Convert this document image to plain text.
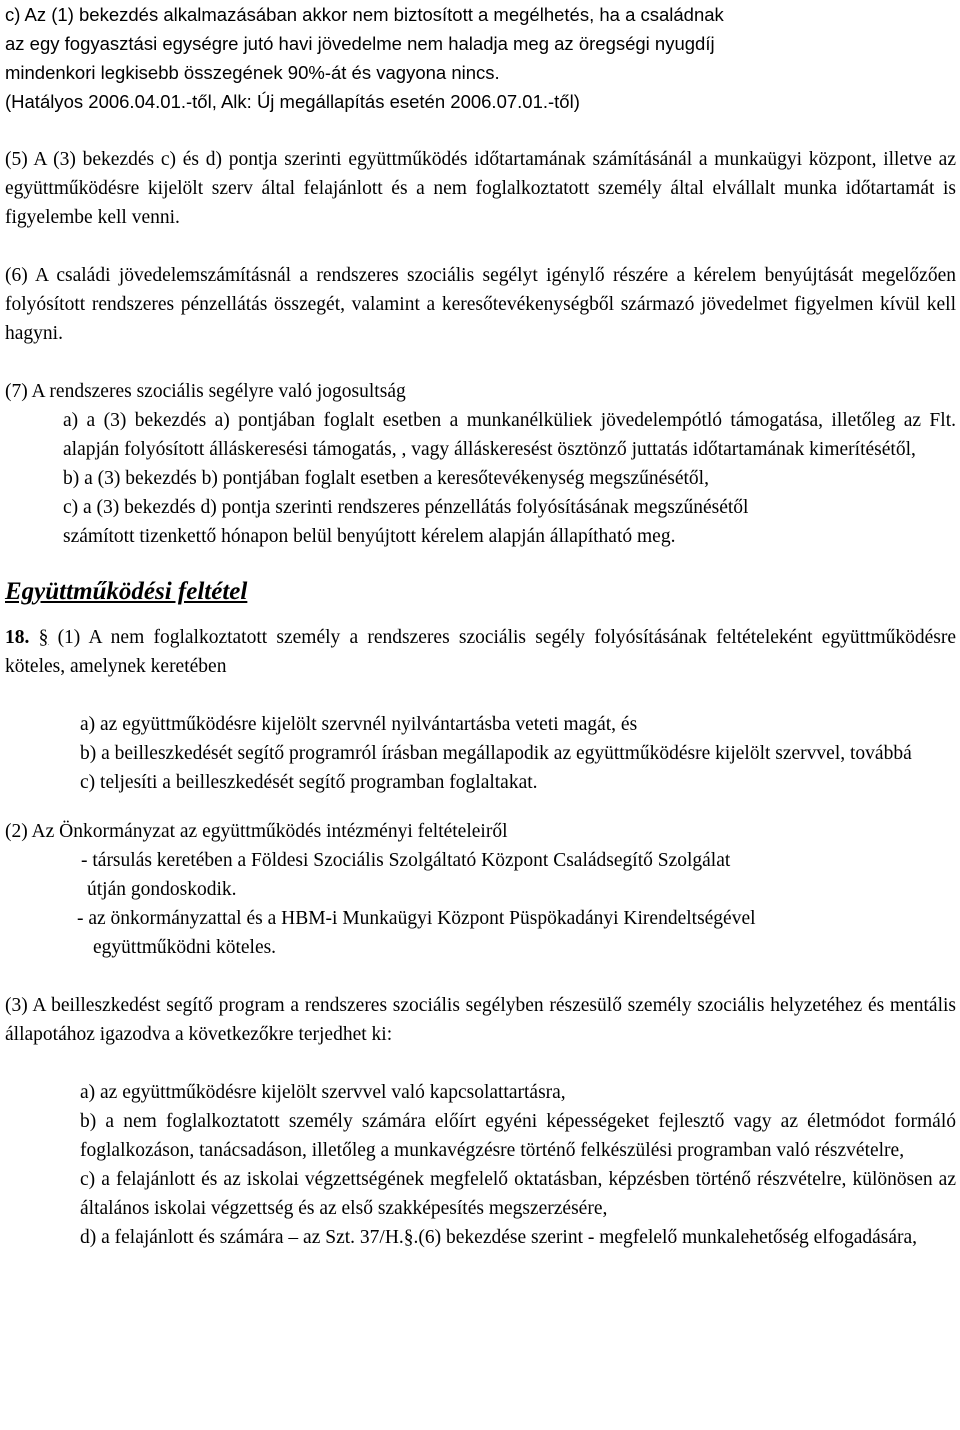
c) Az (1) bekezdés alkalmazásában akkor nem biztosított a megélhetés, ha a családnak

az egy fogyasztási egységre jutó havi jövedelme nem haladja meg az öregségi nyugdíj

mindenkori legkisebb összegének 90%-át és vagyona nincs.

(Hatályos 2006.04.01.-től, Alk: Új megállapítás esetén 2006.07.01.-től)

(5) A (3) bekezdés c) és d) pontja szerinti együttműködés időtartamának számításánál a munkaügyi központ, illetve az együttműködésre kijelölt szerv által felajánlott és a nem foglalkoztatott személy által elvállalt munka időtartamát is figyelembe kell venni.

(6) A családi jövedelemszámításnál a rendszeres szociális segélyt igénylő részére a kérelem benyújtását megelőzően folyósított rendszeres pénzellátás összegét, valamint a keresőtevékenységből származó jövedelmet figyelmen kívül kell hagyni.

(7) A rendszeres szociális segélyre való jogosultság

a) a (3) bekezdés a) pontjában foglalt esetben a munkanélküliek jövedelempótló támogatása, illetőleg az Flt. alapján folyósított álláskeresési támogatás, , vagy álláskeresést ösztönző juttatás időtartamának kimerítésétől,

b) a (3) bekezdés b) pontjában foglalt esetben a keresőtevékenység megszűnésétől,

c) a (3) bekezdés d) pontja szerinti rendszeres pénzellátás folyósításának megszűnésétől

számított tizenkettő hónapon belül benyújtott kérelem alapján állapítható meg.

Együttműködési feltétel

18. § (1) A nem foglalkoztatott személy a rendszeres szociális segély folyósításának feltételeként együttműködésre köteles, amelynek keretében

a) az együttműködésre kijelölt szervnél nyilvántartásba veteti magát, és

b) a beilleszkedését segítő programról írásban megállapodik az együttműködésre kijelölt szervvel, továbbá

c) teljesíti a beilleszkedését segítő programban foglaltakat.

(2) Az Önkormányzat az együttműködés intézményi feltételeiről

- társulás keretében a Földesi Szociális Szolgáltató Központ Családsegítő Szolgálat

útján gondoskodik.

- az önkormányzattal és a HBM-i Munkaügyi Központ Püspökadányi Kirendeltségével

együttműködni köteles.

(3) A beilleszkedést segítő program a rendszeres szociális segélyben részesülő személy szociális helyzetéhez és mentális állapotához igazodva a következőkre terjedhet ki:

a) az együttműködésre kijelölt szervvel való kapcsolattartásra,

b) a nem foglalkoztatott személy számára előírt egyéni képességeket fejlesztő vagy az életmódot formáló foglalkozáson, tanácsadáson, illetőleg a munkavégzésre történő felkészülési programban való részvételre,

c) a felajánlott és az iskolai végzettségének megfelelő oktatásban, képzésben történő részvételre, különösen az általános iskolai végzettség és az első szakképesítés megszerzésére,

d) a felajánlott és számára – az Szt. 37/H.§.(6) bekezdése szerint - megfelelő munkalehetőség elfogadására,
